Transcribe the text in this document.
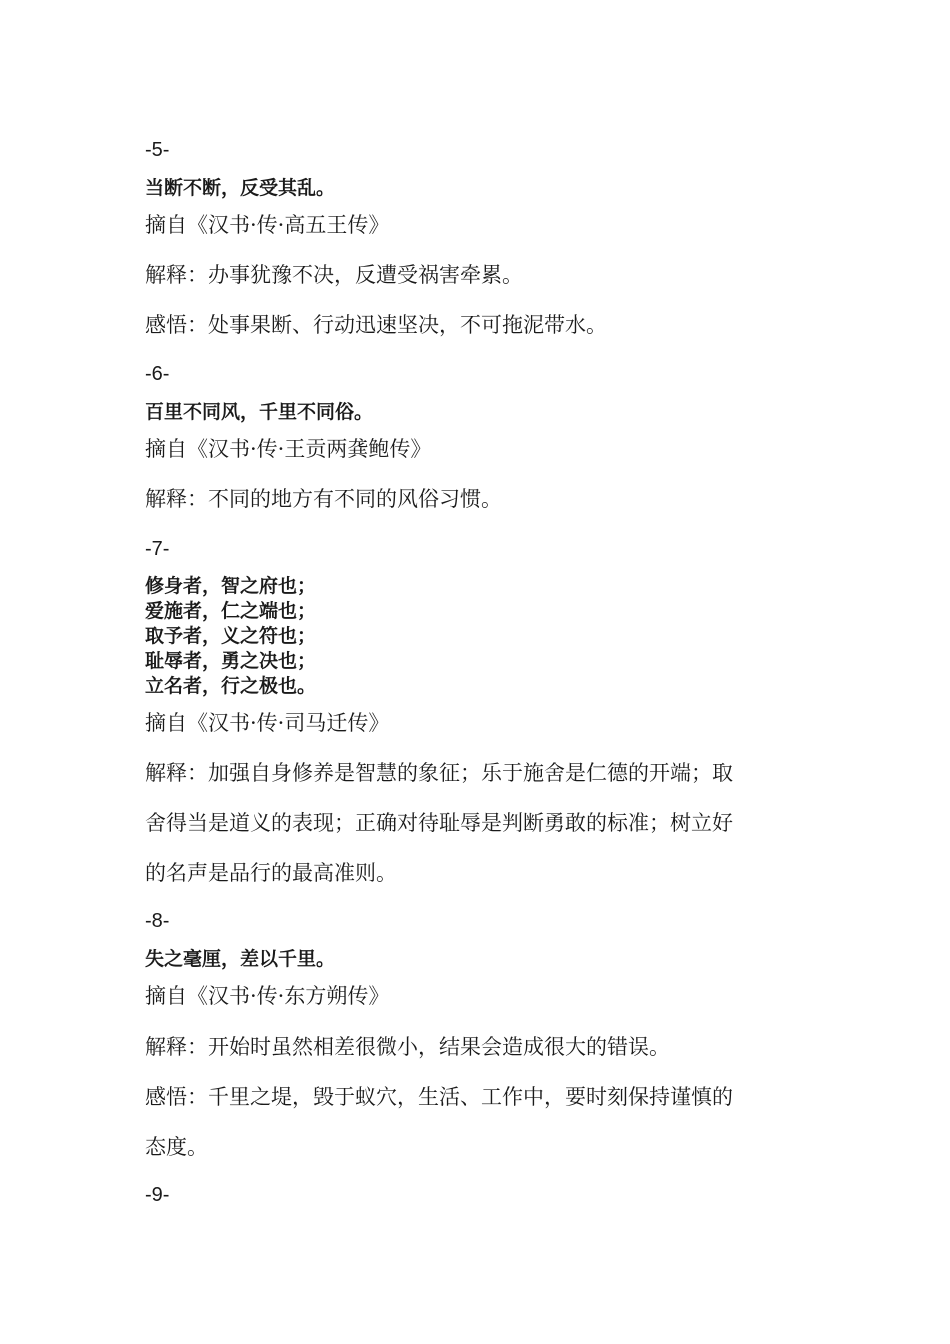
-5-
当断不断，反受其乱。
摘自《汉书·传·高五王传》
解释：办事犹豫不决，反遭受祸害牵累。
感悟：处事果断、行动迅速坚决，不可拖泥带水。
-6-
百里不同风，千里不同俗。
摘自《汉书·传·王贡两龚鲍传》
解释：不同的地方有不同的风俗习惯。
-7-
修身者，智之府也；
爱施者，仁之端也；
取予者，义之符也；
耻辱者，勇之决也；
立名者，行之极也。
摘自《汉书·传·司马迁传》
解释：加强自身修养是智慧的象征；乐于施舍是仁德的开端；取
舍得当是道义的表现；正确对待耻辱是判断勇敢的标准；树立好
的名声是品行的最高准则。
-8-
失之毫厘，差以千里。
摘自《汉书·传·东方朔传》
解释：开始时虽然相差很微小，结果会造成很大的错误。
感悟：千里之堤，毁于蚁穴，生活、工作中，要时刻保持谨慎的
态度。
-9-
